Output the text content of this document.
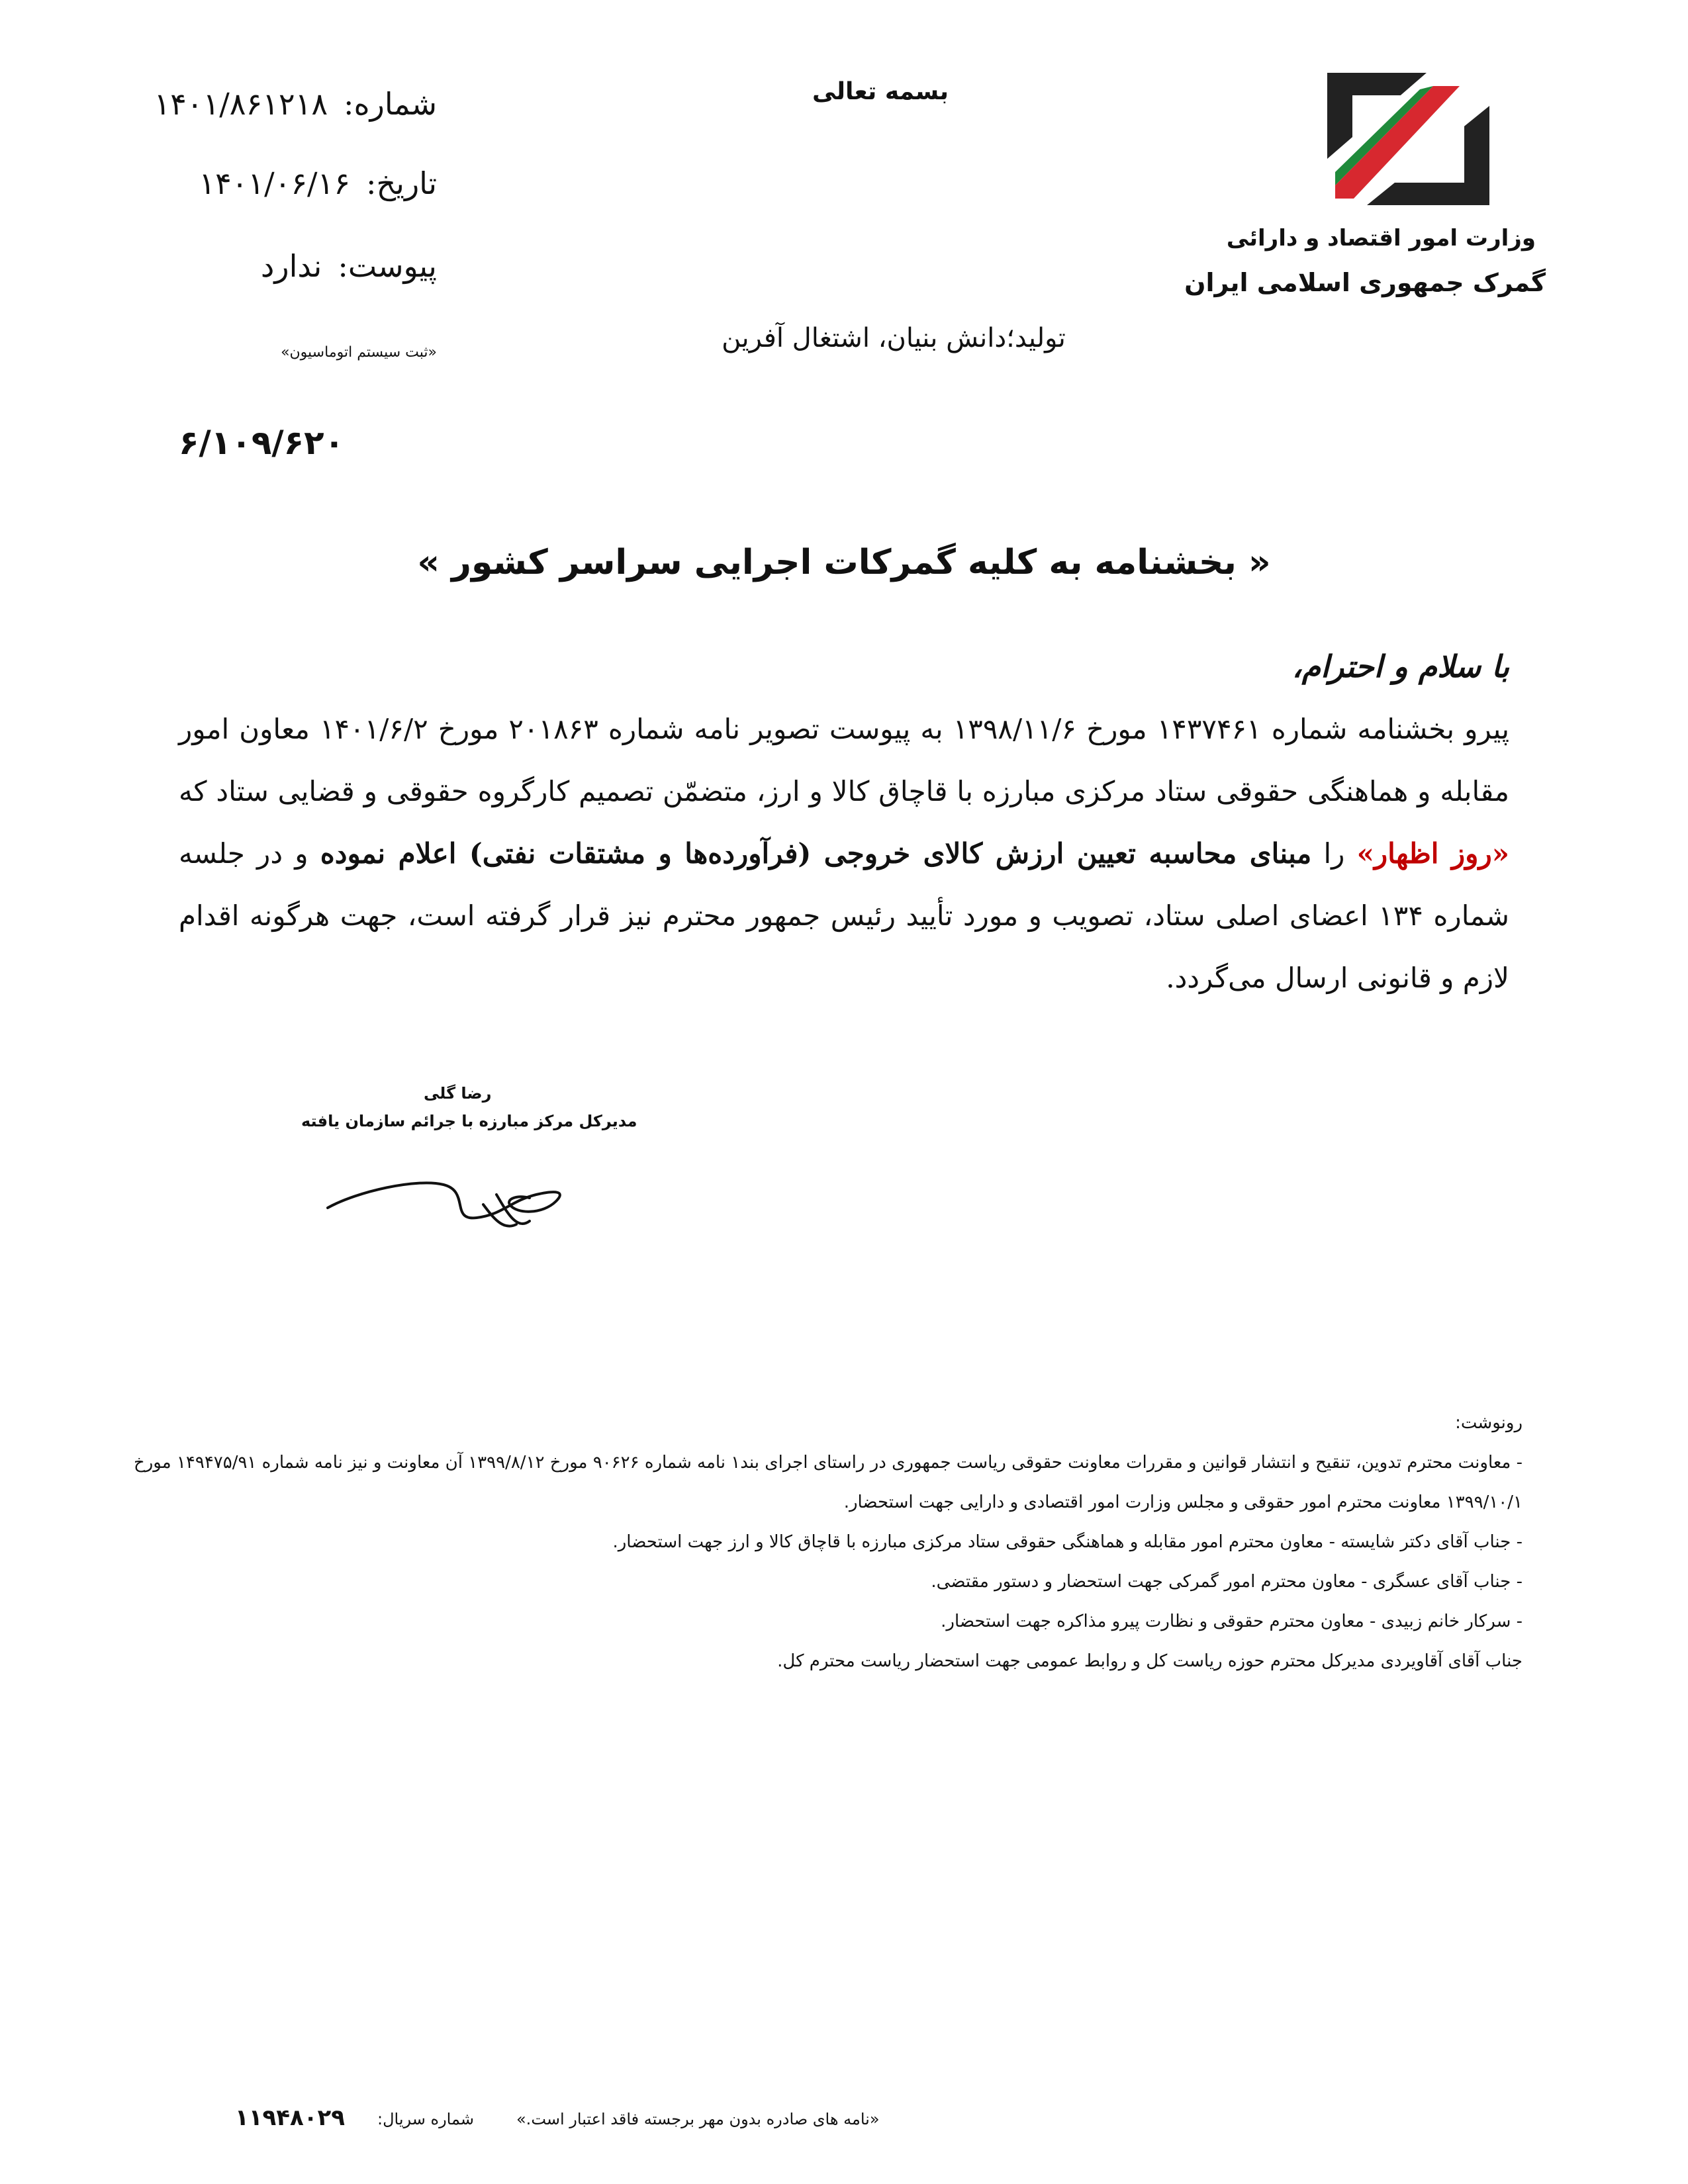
شماره:
۱۴۰۱/۸۶۱۲۱۸
تاریخ:
۱۴۰۱/۰۶/۱۶
پیوست:
ندارد
«ثبت سیستم اتوماسیون»
۶/۱۰۹/۶۲۰
بسمه تعالی
تولید؛دانش بنیان، اشتغال آفرین
وزارت امور اقتصاد و دارائی
گمرک جمهوری اسلامی ایران
« بخشنامه به کلیه گمرکات اجرایی سراسر کشور »
با سلام و احترام،
پیرو بخشنامه شماره ۱۴۳۷۴۶۱ مورخ ۱۳۹۸/۱۱/۶ به پیوست تصویر نامه شماره ۲۰۱۸۶۳ مورخ ۱۴۰۱/۶/۲ معاون امور مقابله و هماهنگی حقوقی ستاد مرکزی مبارزه با قاچاق کالا و ارز، متضمّن تصمیم کارگروه حقوقی و قضایی ستاد که «روز اظهار» را مبنای محاسبه تعیین ارزش کالای خروجی (فرآورده‌ها و مشتقات نفتی) اعلام نموده و در جلسه شماره ۱۳۴ اعضای اصلی ستاد، تصویب و مورد تأیید رئیس جمهور محترم نیز قرار گرفته است، جهت هرگونه اقدام لازم و قانونی ارسال می‌گردد.
رضا گلی
مدیرکل مرکز مبارزه با جرائم سازمان یافته
رونوشت:
- معاونت محترم تدوین، تنقیح و انتشار قوانین و مقررات معاونت حقوقی ریاست جمهوری در راستای اجرای بند۱ نامه شماره ۹۰۶۲۶ مورخ ۱۳۹۹/۸/۱۲ آن معاونت و نیز نامه شماره ۱۴۹۴۷۵/۹۱ مورخ
۱۳۹۹/۱۰/۱ معاونت محترم امور حقوقی و مجلس وزارت امور اقتصادی و دارایی جهت استحضار.
- جناب آقای دکتر شایسته - معاون محترم امور مقابله و هماهنگی حقوقی ستاد مرکزی مبارزه با قاچاق کالا و ارز جهت استحضار.
- جناب آقای عسگری - معاون محترم امور گمرکی جهت استحضار و دستور مقتضی.
- سرکار خانم زبیدی - معاون محترم حقوقی و نظارت پیرو مذاکره جهت استحضار.
جناب آقای آقاویردی مدیرکل محترم حوزه ریاست کل و روابط عمومی جهت استحضار ریاست محترم کل.
«نامه های صادره بدون مهر برجسته فاقد اعتبار است.»
شماره سریال:
۱۱۹۴۸۰۲۹
